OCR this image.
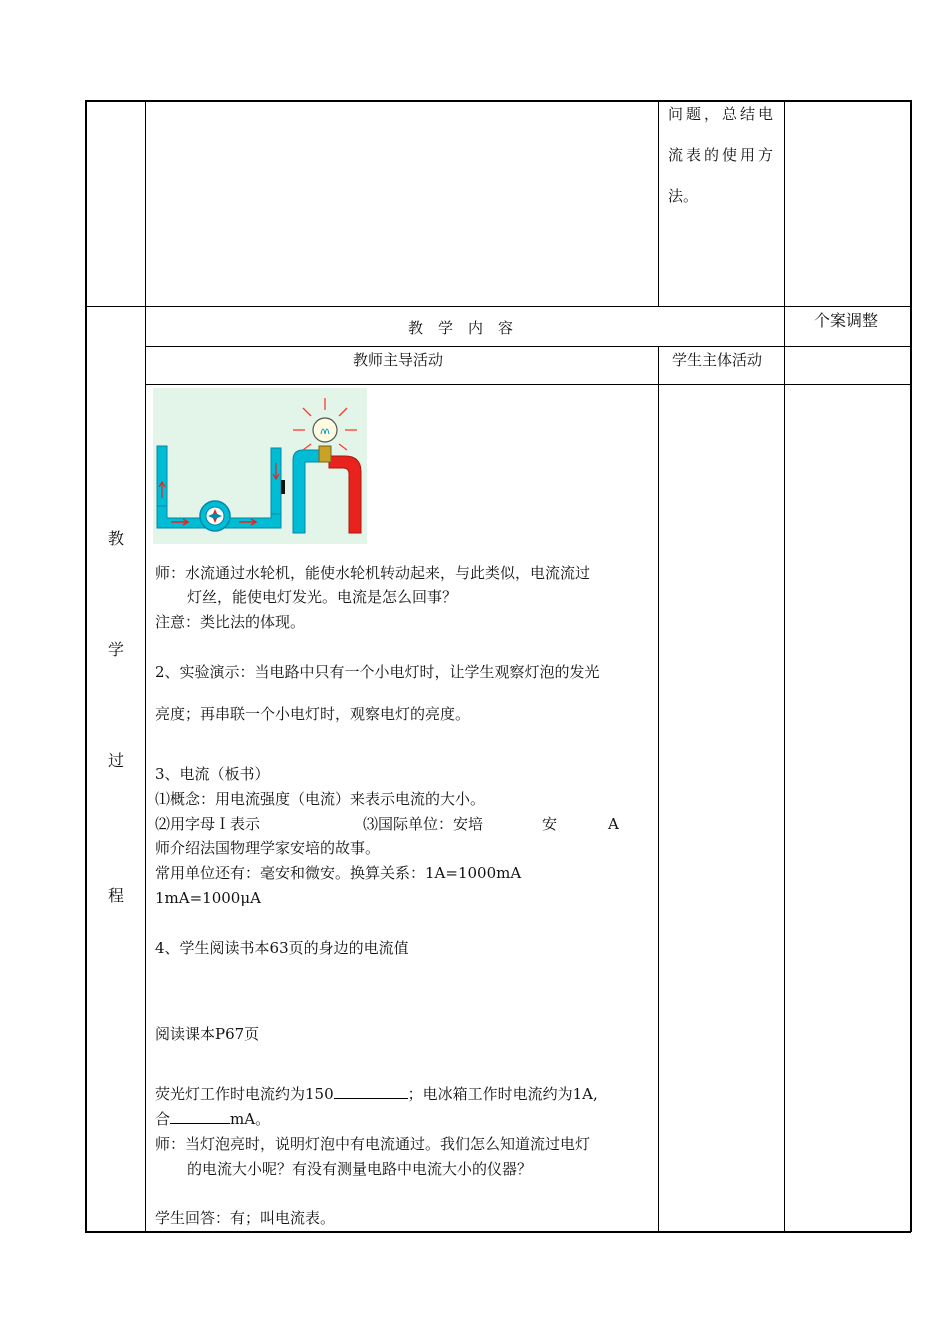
问题，总结电
流表的使用方
法。
教　学　内　容	个案调整
教师主导活动	学生主体活动
教
学
过
程
师：水流通过水轮机，能使水轮机转动起来，与此类似，电流流过
灯丝，能使电灯发光。电流是怎么回事？
注意：类比法的体现。
2、实验演示：当电路中只有一个小电灯时，让学生观察灯泡的发光
亮度；再串联一个小电灯时，观察电灯的亮度。
3、电流（板书）
⑴概念：用电流强度（电流）来表示电流的大小。
⑵用字母Ｉ表示	⑶国际单位：安培	安	A
师介绍法国物理学家安培的故事。
常用单位还有：毫安和微安。换算关系：1A=1000mA
1mA=1000μA
4、学生阅读书本63页的身边的电流值
阅读课本P67页
荧光灯工作时电流约为150	；电冰箱工作时电流约为1A,
合	mA。
师：当灯泡亮时，说明灯泡中有电流通过。我们怎么知道流过电灯
的电流大小呢？有没有测量电路中电流大小的仪器？
学生回答：有；叫电流表。
